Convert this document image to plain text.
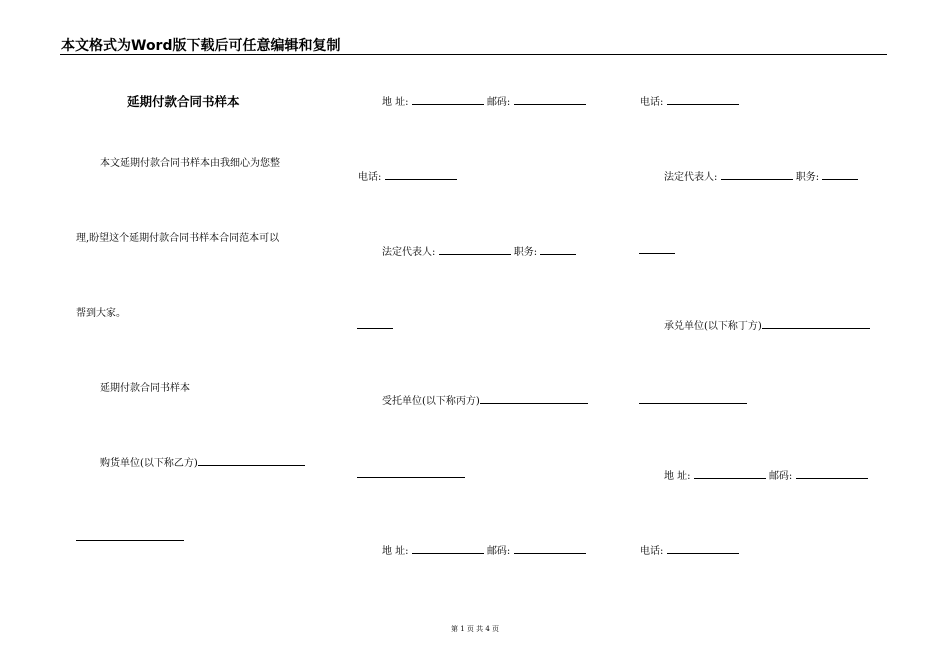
本文格式为Word版下载后可任意编辑和复制
延期付款合同书样本
本文延期付款合同书样本由我细心为您整
理,盼望这个延期付款合同书样本合同范本可以
帮到大家。
延期付款合同书样本
购货单位(以下称乙方)
地 址:	邮码:
电话:
法定代表人:	职务:
受托单位(以下称丙方)
地 址:	邮码:
电话:
法定代表人:	职务:
承兑单位(以下称丁方)
地 址:	邮码:
电话:
第 1 页 共 4 页
